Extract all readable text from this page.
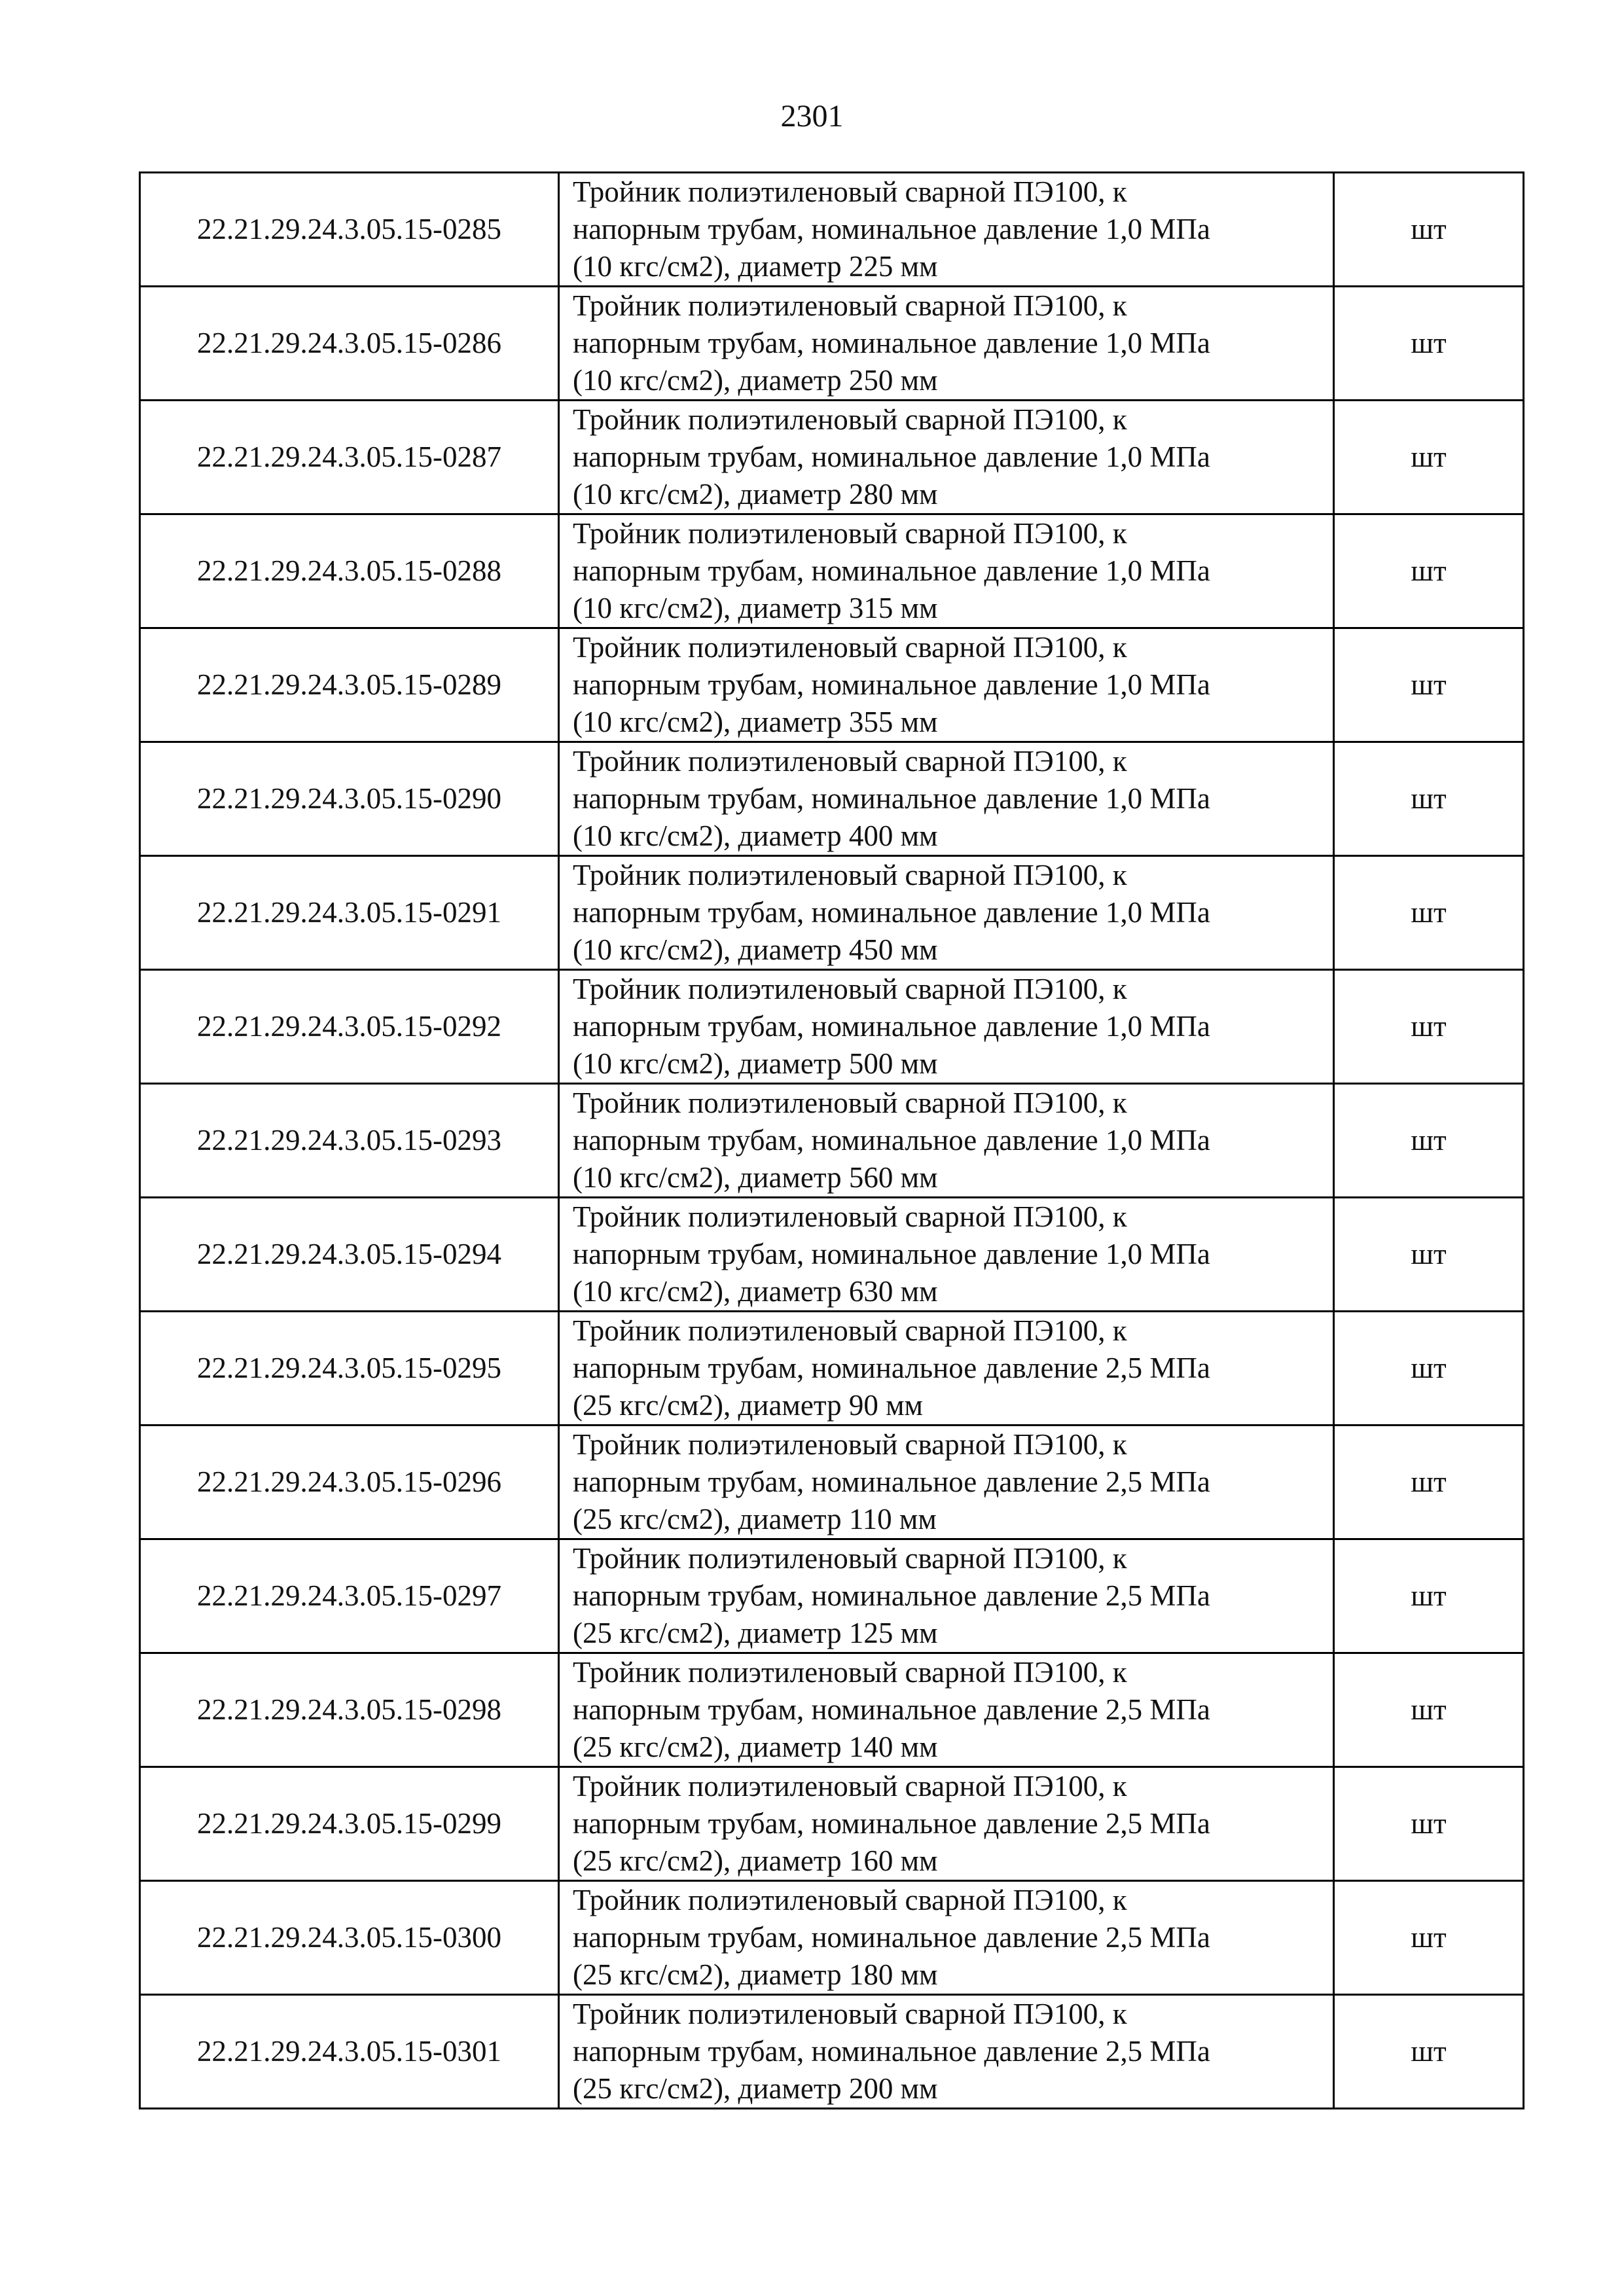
2301
22.21.29.24.3.05.15-0285	Тройник полиэтиленовый сварной ПЭ100, к
напорным трубам, номинальное давление 1,0 МПа
(10 кгс/см2), диаметр 225 мм	шт
22.21.29.24.3.05.15-0286	Тройник полиэтиленовый сварной ПЭ100, к
напорным трубам, номинальное давление 1,0 МПа
(10 кгс/см2), диаметр 250 мм	шт
22.21.29.24.3.05.15-0287	Тройник полиэтиленовый сварной ПЭ100, к
напорным трубам, номинальное давление 1,0 МПа
(10 кгс/см2), диаметр 280 мм	шт
22.21.29.24.3.05.15-0288	Тройник полиэтиленовый сварной ПЭ100, к
напорным трубам, номинальное давление 1,0 МПа
(10 кгс/см2), диаметр 315 мм	шт
22.21.29.24.3.05.15-0289	Тройник полиэтиленовый сварной ПЭ100, к
напорным трубам, номинальное давление 1,0 МПа
(10 кгс/см2), диаметр 355 мм	шт
22.21.29.24.3.05.15-0290	Тройник полиэтиленовый сварной ПЭ100, к
напорным трубам, номинальное давление 1,0 МПа
(10 кгс/см2), диаметр 400 мм	шт
22.21.29.24.3.05.15-0291	Тройник полиэтиленовый сварной ПЭ100, к
напорным трубам, номинальное давление 1,0 МПа
(10 кгс/см2), диаметр 450 мм	шт
22.21.29.24.3.05.15-0292	Тройник полиэтиленовый сварной ПЭ100, к
напорным трубам, номинальное давление 1,0 МПа
(10 кгс/см2), диаметр 500 мм	шт
22.21.29.24.3.05.15-0293	Тройник полиэтиленовый сварной ПЭ100, к
напорным трубам, номинальное давление 1,0 МПа
(10 кгс/см2), диаметр 560 мм	шт
22.21.29.24.3.05.15-0294	Тройник полиэтиленовый сварной ПЭ100, к
напорным трубам, номинальное давление 1,0 МПа
(10 кгс/см2), диаметр 630 мм	шт
22.21.29.24.3.05.15-0295	Тройник полиэтиленовый сварной ПЭ100, к
напорным трубам, номинальное давление 2,5 МПа
(25 кгс/см2), диаметр 90 мм	шт
22.21.29.24.3.05.15-0296	Тройник полиэтиленовый сварной ПЭ100, к
напорным трубам, номинальное давление 2,5 МПа
(25 кгс/см2), диаметр 110 мм	шт
22.21.29.24.3.05.15-0297	Тройник полиэтиленовый сварной ПЭ100, к
напорным трубам, номинальное давление 2,5 МПа
(25 кгс/см2), диаметр 125 мм	шт
22.21.29.24.3.05.15-0298	Тройник полиэтиленовый сварной ПЭ100, к
напорным трубам, номинальное давление 2,5 МПа
(25 кгс/см2), диаметр 140 мм	шт
22.21.29.24.3.05.15-0299	Тройник полиэтиленовый сварной ПЭ100, к
напорным трубам, номинальное давление 2,5 МПа
(25 кгс/см2), диаметр 160 мм	шт
22.21.29.24.3.05.15-0300	Тройник полиэтиленовый сварной ПЭ100, к
напорным трубам, номинальное давление 2,5 МПа
(25 кгс/см2), диаметр 180 мм	шт
22.21.29.24.3.05.15-0301	Тройник полиэтиленовый сварной ПЭ100, к
напорным трубам, номинальное давление 2,5 МПа
(25 кгс/см2), диаметр 200 мм	шт
